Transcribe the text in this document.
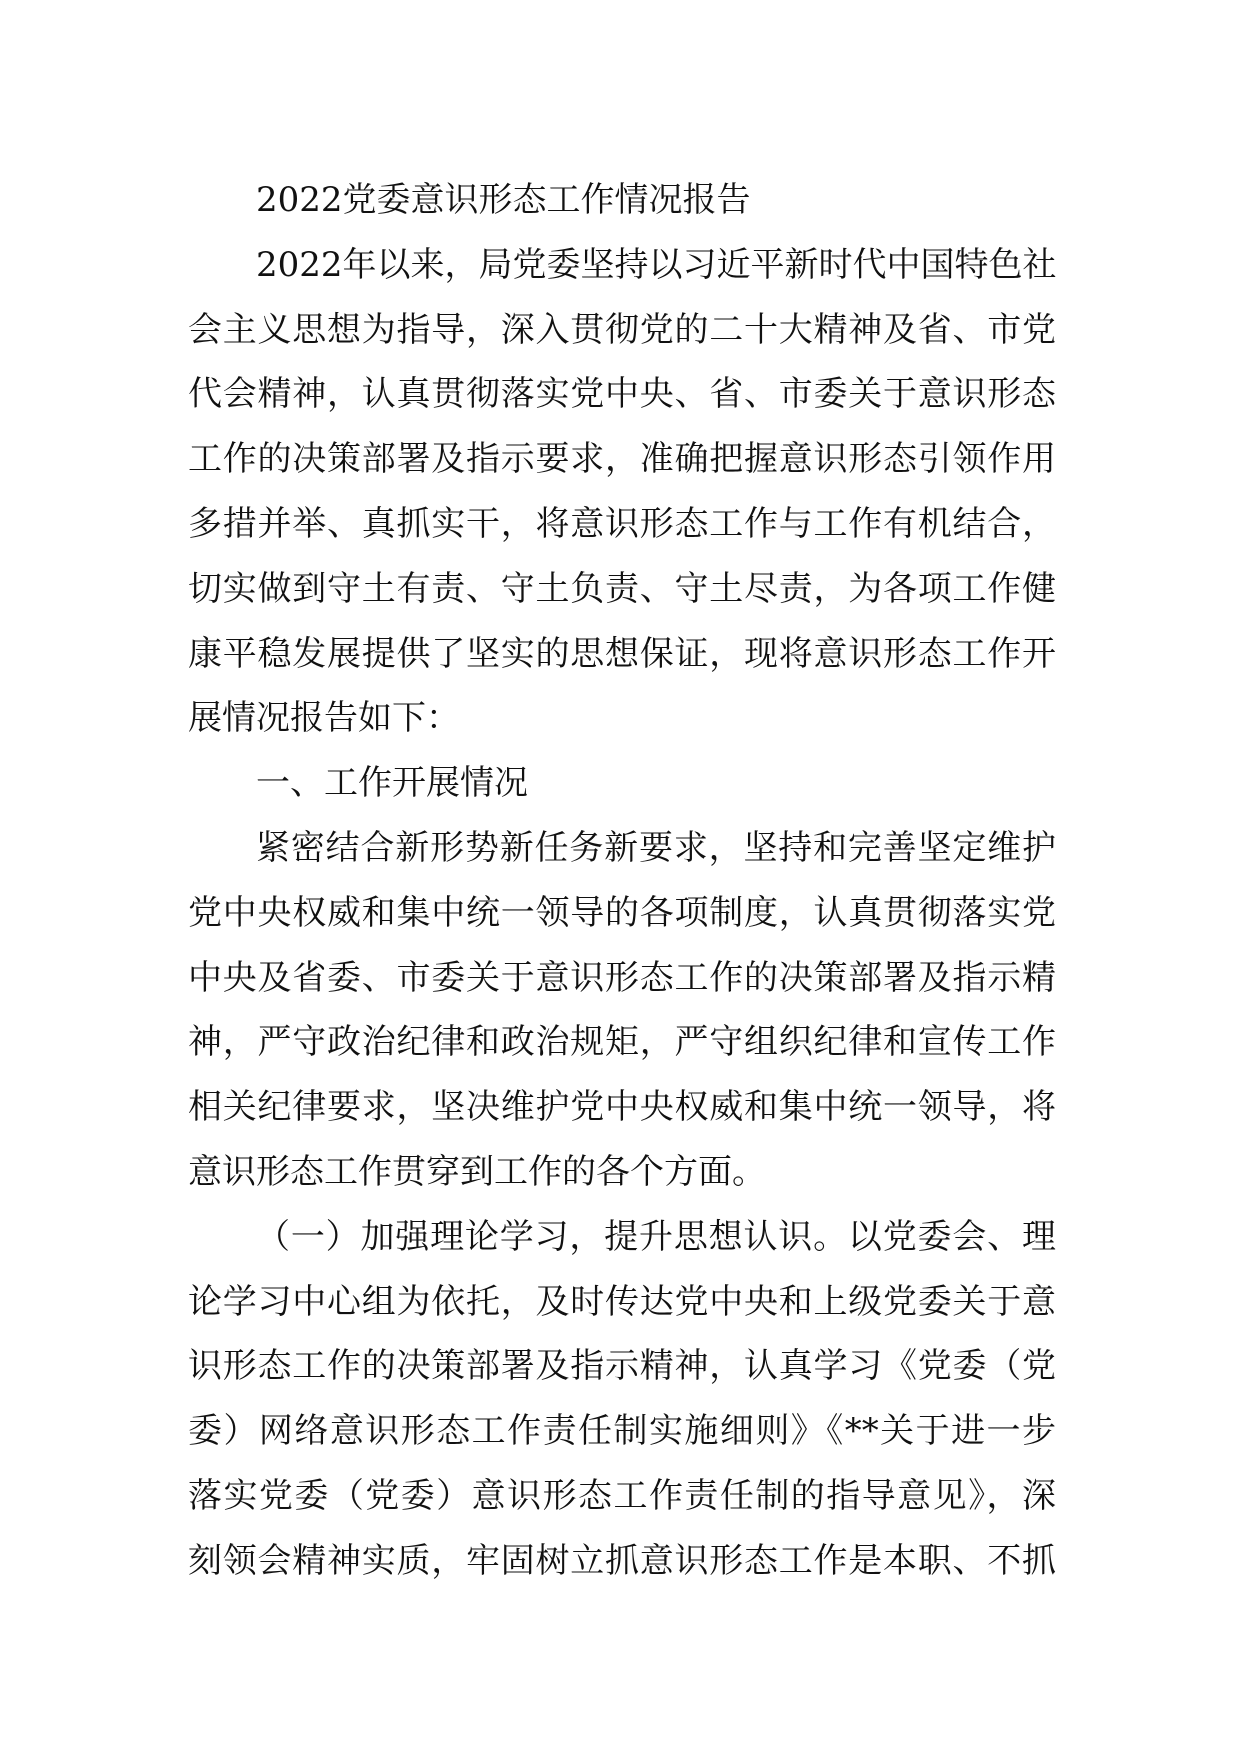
2022党委意识形态工作情况报告
2022年以来，局党委坚持以习近平新时代中国特色社
会主义思想为指导，深入贯彻党的二十大精神及省、市党
代会精神，认真贯彻落实党中央、省、市委关于意识形态
工作的决策部署及指示要求，准确把握意识形态引领作用
多措并举、真抓实干，将意识形态工作与工作有机结合，
切实做到守土有责、守土负责、守土尽责，为各项工作健
康平稳发展提供了坚实的思想保证，现将意识形态工作开
展情况报告如下：
一、工作开展情况
紧密结合新形势新任务新要求，坚持和完善坚定维护
党中央权威和集中统一领导的各项制度，认真贯彻落实党
中央及省委、市委关于意识形态工作的决策部署及指示精
神，严守政治纪律和政治规矩，严守组织纪律和宣传工作
相关纪律要求，坚决维护党中央权威和集中统一领导，将
意识形态工作贯穿到工作的各个方面。
（一）加强理论学习，提升思想认识。以党委会、理
论学习中心组为依托，及时传达党中央和上级党委关于意
识形态工作的决策部署及指示精神，认真学习《党委（党
委）网络意识形态工作责任制实施细则》《**关于进一步
落实党委（党委）意识形态工作责任制的指导意见》，深
刻领会精神实质，牢固树立抓意识形态工作是本职、不抓
